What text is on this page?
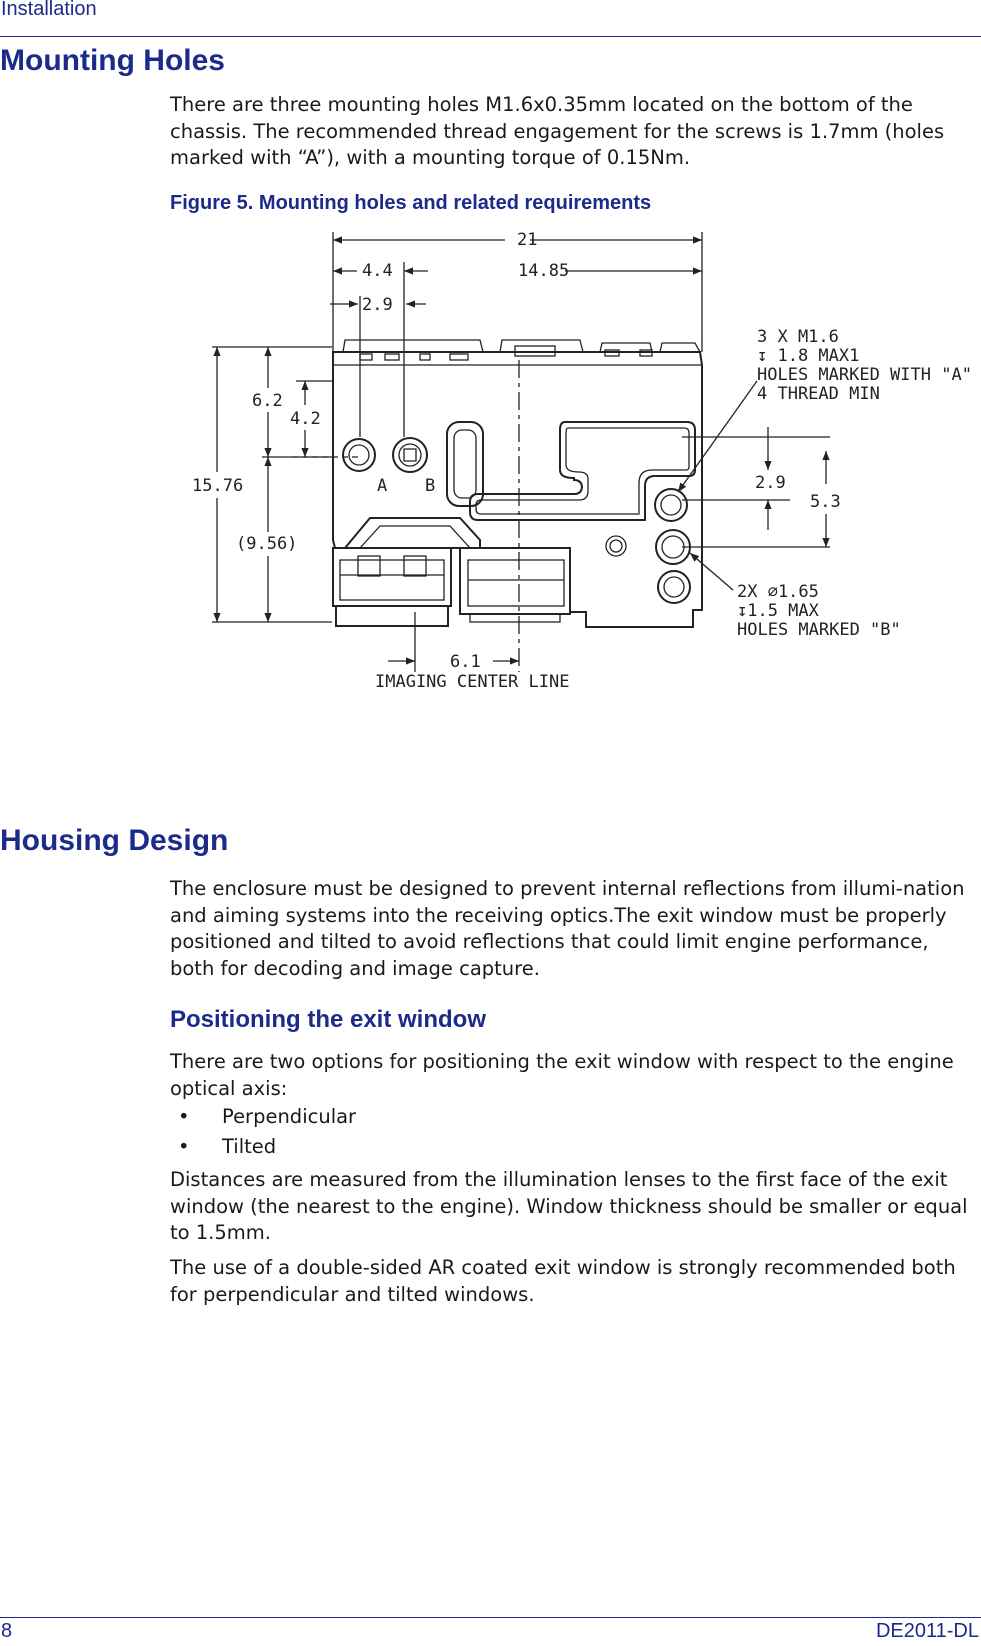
Installation
Mounting Holes

There are three mounting holes M1.6x0.35mm located on the bottom of the chassis. The recommended thread engagement for the screws is 1.7mm (holes marked with “A”), with a mounting torque of 0.15Nm.

Figure 5. Mounting holes and related requirements
21
4.4	14.85
2.9
6.2
4.2
15.76
(9.56)
2.9
5.3
6.1
A B
3 X M1.6
↧ 1.8 MAX1
HOLES MARKED WITH "A"
4 THREAD MIN
2X ∅1.65
↧1.5 MAX
HOLES MARKED "B"
IMAGING CENTER LINE
Housing Design

The enclosure must be designed to prevent internal reflections from illumi-nation and aiming systems into the receiving optics.The exit window must be properly positioned and tilted to avoid reflections that could limit engine performance, both for decoding and image capture.

Positioning the exit window

There are two options for positioning the exit window with respect to the engine optical axis:

• Perpendicular
• Tilted

Distances are measured from the illumination lenses to the first face of the exit window (the nearest to the engine). Window thickness should be smaller or equal to 1.5mm.

The use of a double-sided AR coated exit window is strongly recommended both for perpendicular and tilted windows.

8	DE2011-DL
